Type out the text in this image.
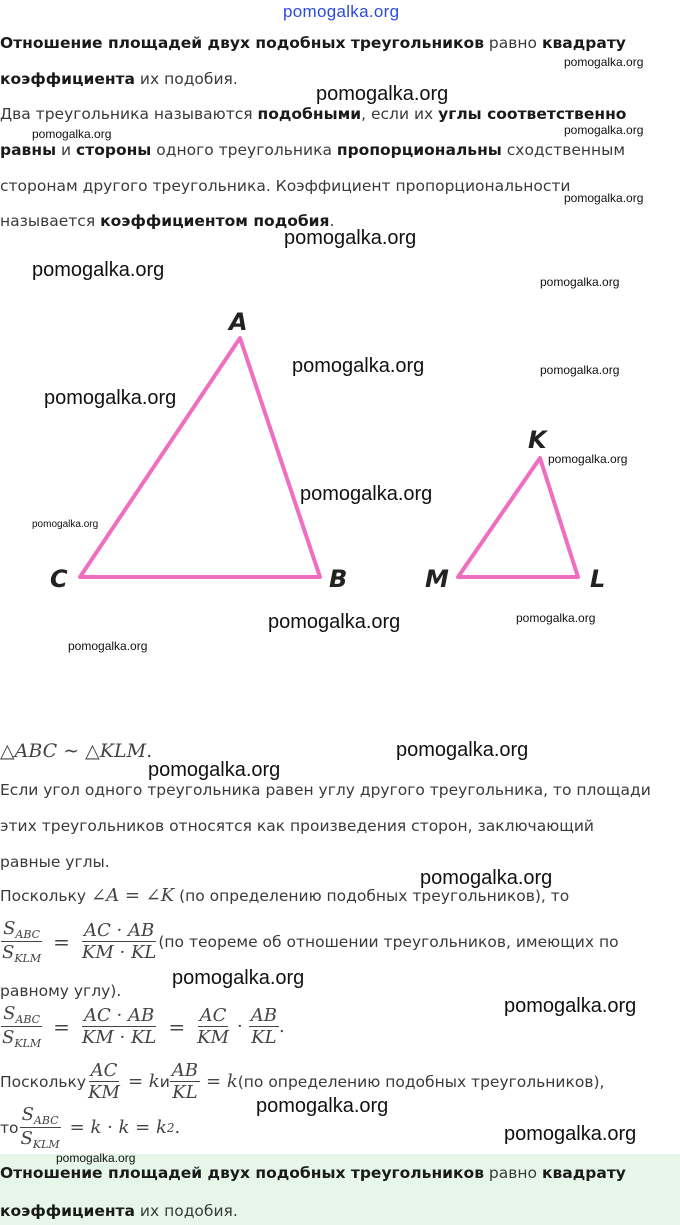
pomogalka.org
Отношение площадей двух подобных треугольников равно квадрату
коэффициента их подобия.
Два треугольника называются подобными, если их углы соответственно
равны и стороны одного треугольника пропорциональны сходственным
сторонам другого треугольника. Коэффициент пропорциональности
называется коэффициентом подобия.
A
B
C
K
L
M
△ABC ∼ △KLM.
Если угол одного треугольника равен углу другого треугольника, то площади
этих треугольников относятся как произведения сторон, заключающий
равные углы.
Поскольку ∠A = ∠K (по определению подобных треугольников), то
$\frac{S_{ABC}}{S_{KLM}} = \frac{AC \cdot AB}{KM \cdot KL} (по$ теореме об отношении треугольников, имеющих по
равному углу).
$\frac{S_{ABC}}{S_{KLM}} = \frac{AC \cdot AB}{KM \cdot KL} = \frac{AC}{KM} \cdot \frac{AB}{KL}$ .
Поскольку $\frac{AC}{KM} = k$ и $\frac{AB}{KL} = k$ (по определению подобных треугольников),
то $\frac{S_{ABC}}{S_{KLM}} = k \cdot k = k$ 2 .
Отношение площадей двух подобных треугольников равно квадрату
коэффициента их подобия.
pomogalka.org
pomogalka.org
pomogalka.org
pomogalka.org
pomogalka.org
pomogalka.org
pomogalka.org
pomogalka.org
pomogalka.org
pomogalka.org
pomogalka.org
pomogalka.org
pomogalka.org
pomogalka.org
pomogalka.org
pomogalka.org
pomogalka.org
pomogalka.org
pomogalka.org
pomogalka.org
pomogalka.org
pomogalka.org
pomogalka.org
pomogalka.org
pomogalka.org
